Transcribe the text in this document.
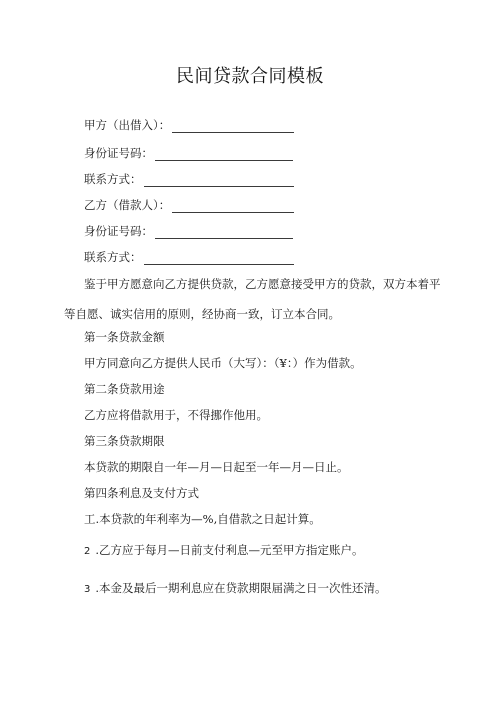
民间贷款合同模板
甲方（出借入）：
身份证号码：
联系方式：
乙方（借款人）：
身份证号码：
联系方式：
鉴于甲方愿意向乙方提供贷款，乙方愿意接受甲方的贷款，双方本着平等自愿、诚实信用的原则，经协商一致，订立本合同。
第一条贷款金额
甲方同意向乙方提供人民币（大写）：（¥：）作为借款。
第二条贷款用途
乙方应将借款用于，不得挪作他用。
第三条贷款期限
本贷款的期限自一年—月—日起至一年—月—日止。
第四条利息及支付方式
工.本贷款的年利率为—%,自借款之日起计算。
2 .乙方应于每月—日前支付利息—元至甲方指定账户。
3 .本金及最后一期利息应在贷款期限届满之日一次性还清。
